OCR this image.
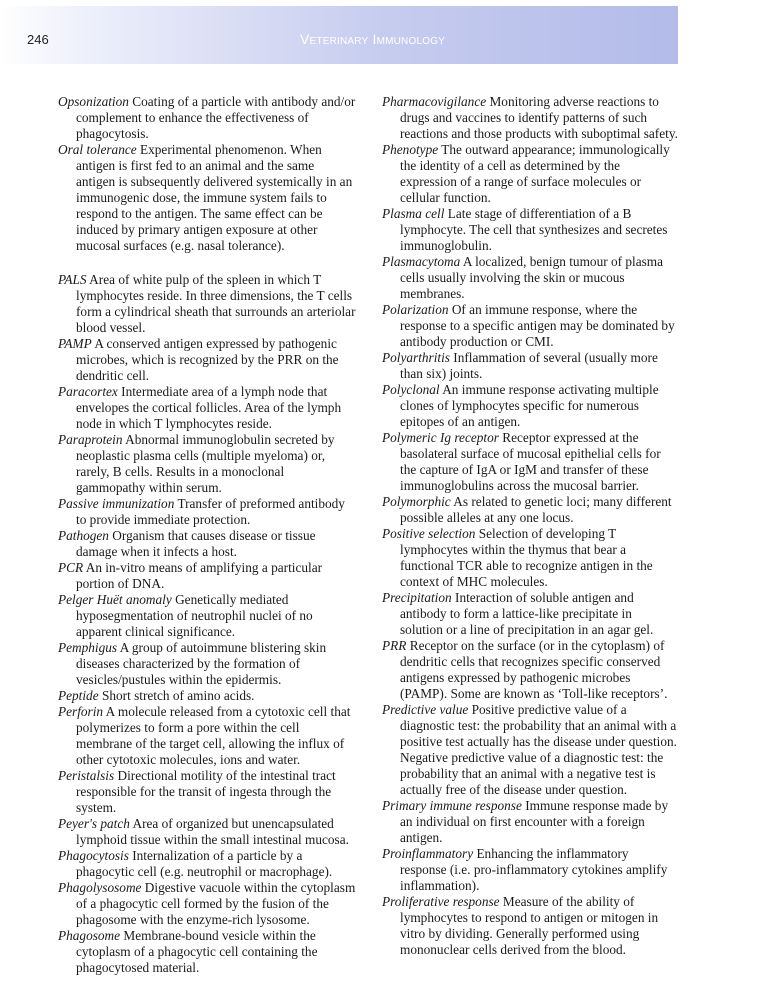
246	Veterinary Immunology

Opsonization Coating of a particle with antibody and/or complement to enhance the effectiveness of phagocytosis.

Oral tolerance Experimental phenomenon. When antigen is first fed to an animal and the same antigen is subsequently delivered systemically in an immunogenic dose, the immune system fails to respond to the antigen. The same effect can be induced by primary antigen exposure at other mucosal surfaces (e.g. nasal tolerance).

PALS Area of white pulp of the spleen in which T lymphocytes reside. In three dimensions, the T cells form a cylindrical sheath that surrounds an arteriolar blood vessel.

PAMP A conserved antigen expressed by pathogenic microbes, which is recognized by the PRR on the dendritic cell.

Paracortex Intermediate area of a lymph node that envelopes the cortical follicles. Area of the lymph node in which T lymphocytes reside.

Paraprotein Abnormal immunoglobulin secreted by neoplastic plasma cells (multiple myeloma) or, rarely, B cells. Results in a monoclonal gammopathy within serum.

Passive immunization Transfer of preformed antibody to provide immediate protection.

Pathogen Organism that causes disease or tissue damage when it infects a host.

PCR An in-vitro means of amplifying a particular portion of DNA.

Pelger Huët anomaly Genetically mediated hyposegmentation of neutrophil nuclei of no apparent clinical significance.

Pemphigus A group of autoimmune blistering skin diseases characterized by the formation of vesicles/pustules within the epidermis.

Peptide Short stretch of amino acids.

Perforin A molecule released from a cytotoxic cell that polymerizes to form a pore within the cell membrane of the target cell, allowing the influx of other cytotoxic molecules, ions and water.

Peristalsis Directional motility of the intestinal tract responsible for the transit of ingesta through the system.

Peyer's patch Area of organized but unencapsulated lymphoid tissue within the small intestinal mucosa.

Phagocytosis Internalization of a particle by a phagocytic cell (e.g. neutrophil or macrophage).

Phagolysosome Digestive vacuole within the cytoplasm of a phagocytic cell formed by the fusion of the phagosome with the enzyme-rich lysosome.

Phagosome Membrane-bound vesicle within the cytoplasm of a phagocytic cell containing the phagocytosed material.

Pharmacovigilance Monitoring adverse reactions to drugs and vaccines to identify patterns of such reactions and those products with suboptimal safety.

Phenotype The outward appearance; immunologically the identity of a cell as determined by the expression of a range of surface molecules or cellular function.

Plasma cell Late stage of differentiation of a B lymphocyte. The cell that synthesizes and secretes immunoglobulin.

Plasmacytoma A localized, benign tumour of plasma cells usually involving the skin or mucous membranes.

Polarization Of an immune response, where the response to a specific antigen may be dominated by antibody production or CMI.

Polyarthritis Inflammation of several (usually more than six) joints.

Polyclonal An immune response activating multiple clones of lymphocytes specific for numerous epitopes of an antigen.

Polymeric Ig receptor Receptor expressed at the basolateral surface of mucosal epithelial cells for the capture of IgA or IgM and transfer of these immunoglobulins across the mucosal barrier.

Polymorphic As related to genetic loci; many different possible alleles at any one locus.

Positive selection Selection of developing T lymphocytes within the thymus that bear a functional TCR able to recognize antigen in the context of MHC molecules.

Precipitation Interaction of soluble antigen and antibody to form a lattice-like precipitate in solution or a line of precipitation in an agar gel.

PRR Receptor on the surface (or in the cytoplasm) of dendritic cells that recognizes specific conserved antigens expressed by pathogenic microbes (PAMP). Some are known as ‘Toll-like receptors’.

Predictive value Positive predictive value of a diagnostic test: the probability that an animal with a positive test actually has the disease under question. Negative predictive value of a diagnostic test: the probability that an animal with a negative test is actually free of the disease under question.

Primary immune response Immune response made by an individual on first encounter with a foreign antigen.

Proinflammatory Enhancing the inflammatory response (i.e. pro-inflammatory cytokines amplify inflammation).

Proliferative response Measure of the ability of lymphocytes to respond to antigen or mitogen in vitro by dividing. Generally performed using mononuclear cells derived from the blood.
